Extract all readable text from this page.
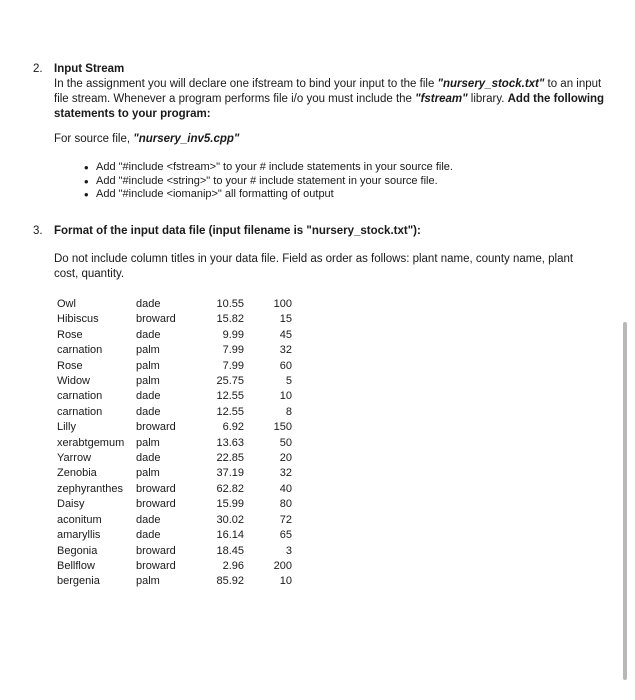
2. Input Stream
In the assignment you will declare one ifstream to bind your input to the file "nursery_stock.txt" to an input
file stream. Whenever a program performs file i/o you must include the "fstream" library. Add the following
statements to your program:
For source file, "nursery_inv5.cpp"
• Add "#include <fstream>" to your # include statements in your source file.
• Add "#include <string>" to your # include statement in your source file.
• Add "#include <iomanip>" all formatting of output
3. Format of the input data file (input filename is "nursery_stock.txt"):
Do not include column titles in your data file. Field as order as follows: plant name, county name, plant
cost, quantity.
Owl	dade	10.55	100
Hibiscus	broward	15.82	15
Rose	dade	9.99	45
carnation	palm	7.99	32
Rose	palm	7.99	60
Widow	palm	25.75	5
carnation	dade	12.55	10
carnation	dade	12.55	8
Lilly	broward	6.92	150
xerabtgemum	palm	13.63	50
Yarrow	dade	22.85	20
Zenobia	palm	37.19	32
zephyranthes	broward	62.82	40
Daisy	broward	15.99	80
aconitum	dade	30.02	72
amaryllis	dade	16.14	65
Begonia	broward	18.45	3
Bellflow	broward	2.96	200
bergenia	palm	85.92	10
